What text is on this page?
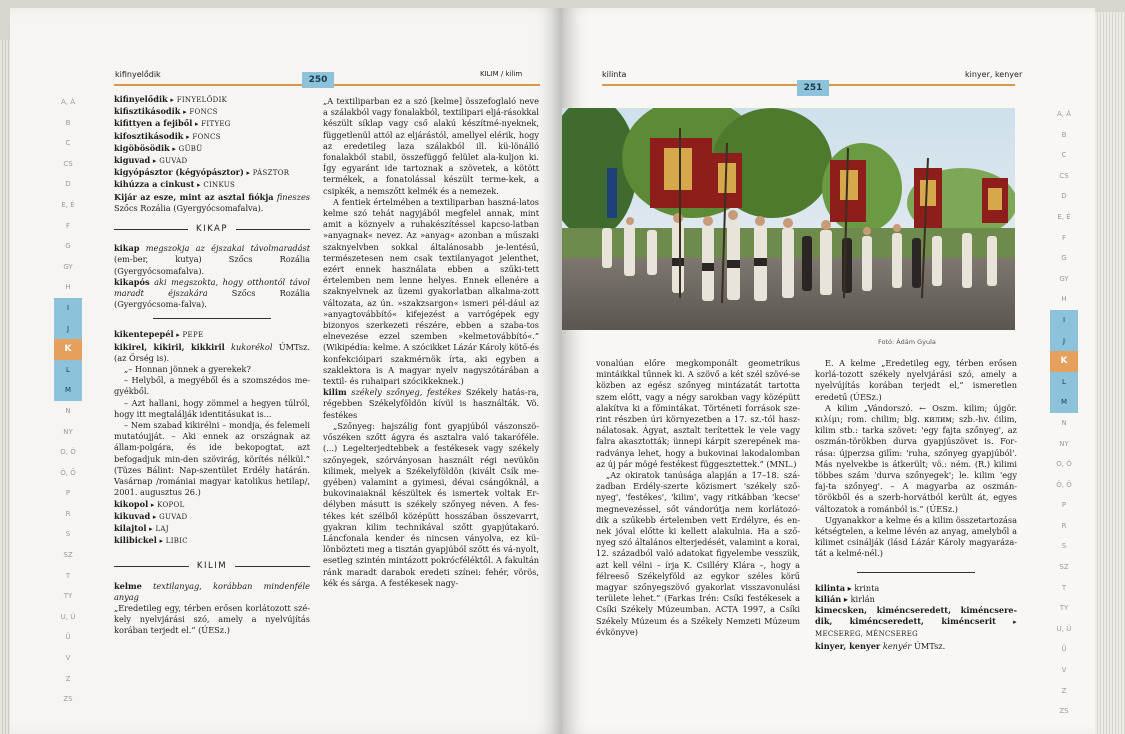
kifinyelődik	KILIM / kilim
250
A, Á
B
C
CS
D
E, É
F
G
GY
H
I
J
K
L
M
N
NY
O, Ó
Ö, Ő
P
R
S
SZ
T
TY
U, Ú
Ü
V
Z
ZS

kifinyelődik ▸ FINYELŐDIK

kifisztikásodik ▸ FONCS

kifittyen a fejiből ▸ FITYEG

kifosztikásodik ▸ FONCS

kigöbösödik ▸ GÜBÜ

kiguvad ▸ GUVAD

kigyópásztor (kégyópásztor) ▸ PÁSZTOR

kihúzza a cinkust ▸ CINKUS

Kijár az esze, mint az asztal fiókja fineszes Szőcs Rozália (Gyergyócsomafalva).

KIKAP

kikap megszokja az éjszakai távolmaradást (em-ber, kutya) Szőcs Rozália (Gyergyócsomafalva).

kikapós aki megszokta, hogy otthontól távol maradt éjszakára	Szőcs Rozália (Gyergyócsoma-falva).

kikentepepél ▸ PEPE

kikirel, kikiril, kikkiril kukorékol ÚMTsz. (az Őrség is).

„– Honnan jönnek a gyerekek?

– Helyből, a megyéből és a szomszédos me-gyékből.

– Azt hallani, hogy zömmel a hegyen túlról, hogy itt megtalálják identitásukat is...

– Nem szabad kikirélni – mondja, és felemeli mutatóujját. – Aki ennek az országnak az állam-polgára, és ide bekopogtat, azt befogadjuk min-den szövirág, körítés nélkül.” (Tüzes Bálint: Nap-szentület Erdély határán. Vasárnap /romániai magyar katolikus hetilap/, 2001. augusztus 26.)

kikopol ▸ KOPOL

kikuvad ▸ GUVAD

kilajtol ▸ LAJ

kilibickel ▸ LIBIC

KILIM

kelme textilanyag, korábban mindenféle anyag

„Eredetileg egy, térben erősen korlátozott szé-kely nyelvjárási szó, amely a nyelvújítás korában terjedt el.” (ÚESz.)

„A textiliparban ez a szó [kelme] összefoglaló neve a szálakból vagy fonalakból, textilipari eljá-rásokkal készült síklap vagy cső alakú készítmé-nyeknek, függetlenül attól az eljárástól, amellyel elérik, hogy az eredetileg laza szálakból ill. kü-lönálló fonalakból stabil, összefüggő felület ala-kuljon ki. Így egyaránt ide tartoznak a szövetek, a kötött termékek, a fonatolással készült terme-kek, a csipkék, a nemszőtt kelmék és a nemezek.

A fentiek értelmében a textiliparban haszná-latos kelme szó tehát nagyjából megfelel annak, mint amit a köznyelv a ruhakészítéssel kapcso-latban »anyagnak« nevez. Az »anyag« azonban a műszaki szaknyelvben sokkal általánosabb je-lentésű, természetesen nem csak textilanyagot jelenthet, ezért ennek használata ebben a szűki-tett értelemben nem lenne helyes. Ennek ellenére a szaknyelvnek az üzemi gyakorlatban alkalma-zott változata, az ún. »szakzsargon« ismeri pél-dául az »anyagtovábbító« kifejezést a varrógépek egy bizonyos szerkezeti részére, ebben a szaba-tos elnevezése ezzel szemben »kelmetovábbító«.” (Wikipédia: kelme. A szócikket Lázár Károly kötő-és konfekcióipari szakmérnök írta, aki egyben a szaklektora is A magyar nyelv nagyszótárában a textil- és ruhaipari szócikkeknek.)

kilim székely szőnyeg, festékes Székely hatás-ra, régebben Székelyföldön kívül is használták. Vö. festékes

„Szőnyeg: hajszálig font gyapjúból vászonszö-vőszéken szőtt ágyra és asztalra való takaróféle. (...) Legelterjedtebbek a festékesek vagy székely szőnyegek, szórványosan használt régi nevükön kilimek, melyek a Székelyföldön (kivált Csík me-gyében) valamint a gyimesi, dévai csángóknál, a bukovinaiaknál készültek és ismertek voltak Er-délyben másutt is székely szőnyeg néven. A fes-tékes két szélből középütt hosszában összevarrt, gyakran kilim technikával szőtt gyapjútakaró. Láncfonala kender és nincsen ványolva, ez kü-lönbözteti meg a tisztán gyapjúból szőtt és vá-nyolt, esetleg szintén mintázott pokrócféléktől. A fakultán ránk maradt darabok eredeti színei: fehér, vörös, kék és sárga. A festékesek nagy-

kilinta	kinyer, kenyer
251
Fotó: Ádám Gyula

vonalúan előre megkomponált geometrikus mintáikkal tűnnek ki. A szövő a két szél szövé-se közben az egész szőnyeg mintázatát tartotta szem előtt, vagy a négy sarokban vagy középütt alakítva ki a főmintákat. Történeti források sze-rint részben úri környezetben a 17. sz.-tól hasz-nálatosak. Ágyat, asztalt terítettek le vele vagy falra akasztották; ünnepi kárpit szerepének ma-radványa lehet, hogy a bukovinai lakodalomban az új pár mögé festékest függesztettek.” (MNL.)

„Az okiratok tanúsága alapján a 17–18. szá-zadban Erdély-szerte közismert 'székely sző-nyeg', 'festékes', 'kilim', vagy ritkábban 'kecse' megnevezéssel, sőt vándorútja nem korlátozó-dik a szűkebb értelemben vett Erdélyre, és en-nek jóval előtte ki kellett alakulnia. Ha a sző-nyeg szó általános elterjedését, valamint a korai, 12. századból való adatokat figyelembe vesszük, azt kell vélni – írja K. Csilléry Klára –, hogy a félreeső Székelyföld az egykor széles körű magyar szőnyegszövő gyakorlat visszavonulási területe lehet.” (Farkas Irén: Csíki festékesek a Csíki Székely Múzeumban. ACTA 1997, a Csíki Székely Múzeum és a Székely Nemzeti Múzeum évkönyve)

E. A kelme „Eredetileg egy, térben erősen korlá-tozott székely nyelvjárási szó, amely a nyelvújítás korában terjedt el,” ismeretlen eredetű (ÚESz.)

A kilim „Vándorszó. ← Oszm. kilim; újgör. κιλίμι; rom. chilim; blg. килим; szb.-hv. ćilim, kilim stb.: tarka szövet: 'egy fajta szőnyeg', az oszmán-törökben durva gyapjúszövet is. For-rása: újperzsa gilīm: 'ruha, szőnyeg gyapjúból'. Más nyelvekbe is átkerült; vö.: ném. (R.) kilimi többes szám 'durva szőnyegek'; le. kilim 'egy faj-ta szőnyeg'. – A magyarba az oszmán-törökből és a szerb-horvátból került át, egyes változatok a románból is.” (ÚESz.)

Ugyanakkor a kelme és a kilim összetartozása kétségtelen, a kelme lévén az anyag, amelyből a kilimet csinálják (lásd Lázár Károly magyaráza-tát a kelmé-nél.)

kilinta ▸ krinta

kilián ▸ kirlán

kimecsken, kiméncseredett, kiméncsere-dik, kiméncseredett, kiméncserit ▸ MECSEREG, MÉNCSEREG

kinyer, kenyer kenyér ÚMTsz.

A, Á
B
C
CS
D
E, É
F
G
GY
H
I
J
K
L
M
N
NY
O, Ó
Ö, Ő
P
R
S
SZ
T
TY
U, Ú
Ü
V
Z
ZS
